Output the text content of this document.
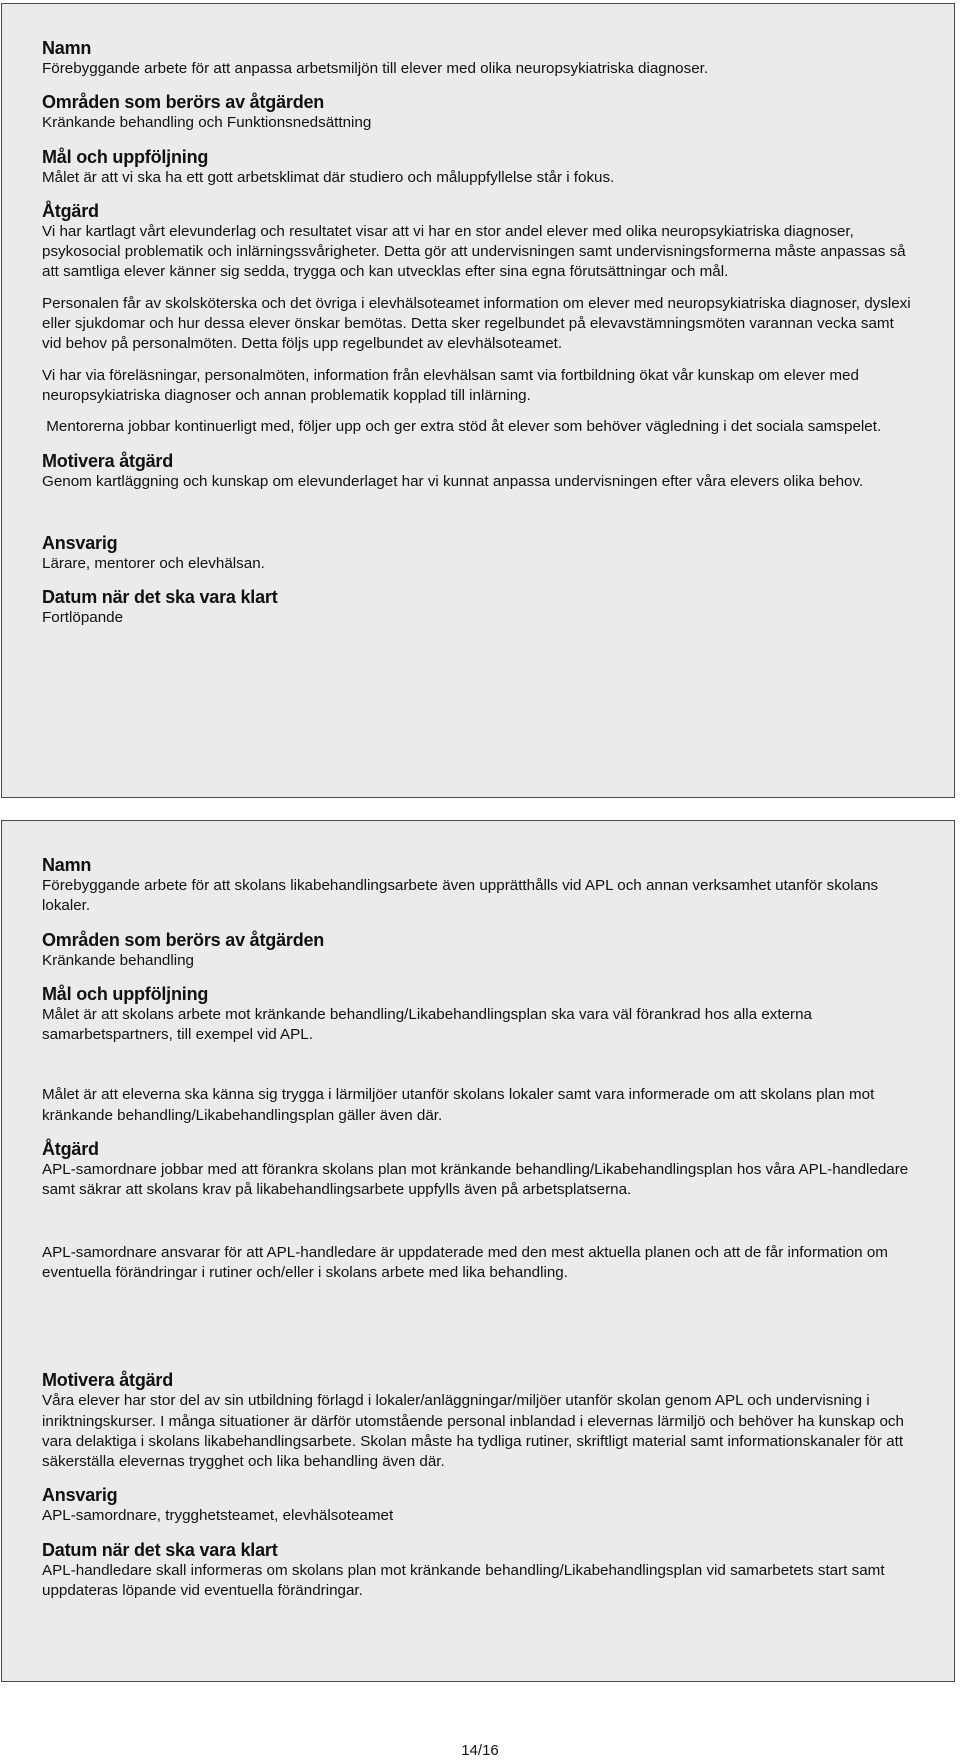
Namn

Förebyggande arbete för att anpassa arbetsmiljön till elever med olika neuropsykiatriska diagnoser.

Områden som berörs av åtgärden

Kränkande behandling och Funktionsnedsättning

Mål och uppföljning

Målet är att vi ska ha ett gott arbetsklimat där studiero och måluppfyllelse står i fokus.

Åtgärd

Vi har kartlagt vårt elevunderlag och resultatet visar att vi har en stor andel elever med olika neuropsykiatriska diagnoser, psykosocial problematik och inlärningssvårigheter. Detta gör att undervisningen samt undervisningsformerna måste anpassas så att samtliga elever känner sig sedda, trygga och kan utvecklas efter sina egna förutsättningar och mål.

Personalen får av skolsköterska och det övriga i elevhälsoteamet information om elever med neuropsykiatriska diagnoser, dyslexi eller sjukdomar och hur dessa elever önskar bemötas. Detta sker regelbundet på elevavstämningsmöten varannan vecka samt vid behov på personalmöten. Detta följs upp regelbundet av elevhälsoteamet.

Vi har via föreläsningar, personalmöten, information från elevhälsan samt via fortbildning ökat vår kunskap om elever med neuropsykiatriska diagnoser och annan problematik kopplad till inlärning.

Mentorerna jobbar kontinuerligt med, följer upp och ger extra stöd åt elever som behöver vägledning i det sociala samspelet.

Motivera åtgärd

Genom kartläggning och kunskap om elevunderlaget har vi kunnat anpassa undervisningen efter våra elevers olika behov.

Ansvarig

Lärare, mentorer och elevhälsan.

Datum när det ska vara klart

Fortlöpande

Namn

Förebyggande arbete för att skolans likabehandlingsarbete även upprätthålls vid APL och annan verksamhet utanför skolans lokaler.

Områden som berörs av åtgärden

Kränkande behandling

Mål och uppföljning

Målet är att skolans arbete mot kränkande behandling/Likabehandlingsplan ska vara väl förankrad hos alla externa samarbetspartners, till exempel vid APL.

Målet är att eleverna ska känna sig trygga i lärmiljöer utanför skolans lokaler samt vara informerade om att skolans plan mot kränkande behandling/Likabehandlingsplan gäller även där.

Åtgärd

APL-samordnare jobbar med att förankra skolans plan mot kränkande behandling/Likabehandlingsplan hos våra APL-handledare samt säkrar att skolans krav på likabehandlingsarbete uppfylls även på arbetsplatserna.

APL-samordnare ansvarar för att APL-handledare är uppdaterade med den mest aktuella planen och att de får information om eventuella förändringar i rutiner och/eller i skolans arbete med lika behandling.

Motivera åtgärd

Våra elever har stor del av sin utbildning förlagd i lokaler/anläggningar/miljöer utanför skolan genom APL och undervisning i inriktningskurser. I många situationer är därför utomstående personal inblandad i elevernas lärmiljö och behöver ha kunskap och vara delaktiga i skolans likabehandlingsarbete. Skolan måste ha tydliga rutiner, skriftligt material samt informationskanaler för att säkerställa elevernas trygghet och lika behandling även där.

Ansvarig

APL-samordnare, trygghetsteamet, elevhälsoteamet

Datum när det ska vara klart

APL-handledare skall informeras om skolans plan mot kränkande behandling/Likabehandlingsplan vid samarbetets start samt uppdateras löpande vid eventuella förändringar.

14/16
